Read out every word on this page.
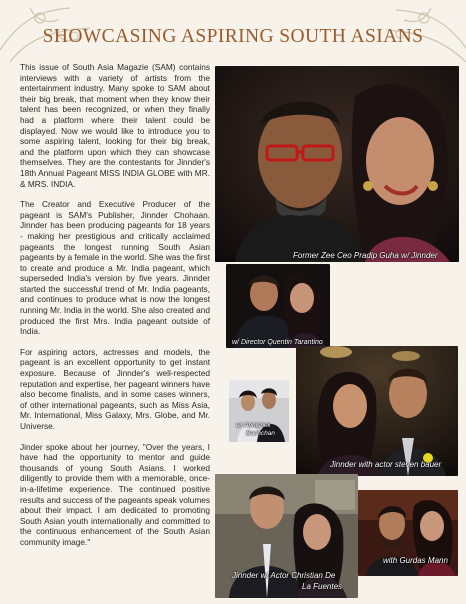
SHOWCASING ASPIRING SOUTH ASIANS

This issue of South Asia Magazie (SAM) contains interviews with a variety of artists from the entertainment industry. Many spoke to SAM about their big break, that moment when they know their talent has been recognized, or when they finally had a platform where their talent could be displayed. Now we would like to introduce you to some aspiring talent, looking for their big break, and the platform upon which they can showcase themselves. They are the contestants for Jinnder's 18th Annual Pageant MISS INDIA GLOBE with MR. & MRS. INDIA.

The Creator and Executive Producer of the pageant is SAM's Publisher, Jinnder Chohaan. Jinnder has been producing pageants for 18 years - making her prestigious and critically acclaimed pageants the longest running South Asian pageants by a female in the world. She was the first to create and produce a Mr. India pageant, which superseded India's version by five years. Jinnder started the successful trend of Mr. India pageants, and continues to produce what is now the longest running Mr. India in the world. She also created and produced the first Mrs. India pageant outside of India.

For aspiring actors, actresses and models, the pageant is an excellent opportunity to get instant exposure. Because of Jinnder's well-respected reputation and expertise, her pageant winners have also become finalists, and in some cases winners, of other international pageants, such as Miss Asia, Mr. International, Miss Galaxy, Mrs. Globe, and Mr. Universe.

Jinder spoke about her journey, "Over the years, I have had the opportunity to mentor and guide thousands of young South Asians. I worked diligently to provide them with a memorable, once-in-a-lifetime experience. The continued positive results and success of the pageants speak volumes about their impact. I am dedicated to promoting South Asian youth internationally and committed to the continuous enhancement of the South Asian community image."

Former Zee Ceo Pradip Guha w/ Jinnder
w/ Director Quentin Tarantino
w/ Abhishek
Bachchan
Jinnder with actor steven bauer
Jinnder w/ Actor Christian De
La Fuentes
with Gurdas Mann
